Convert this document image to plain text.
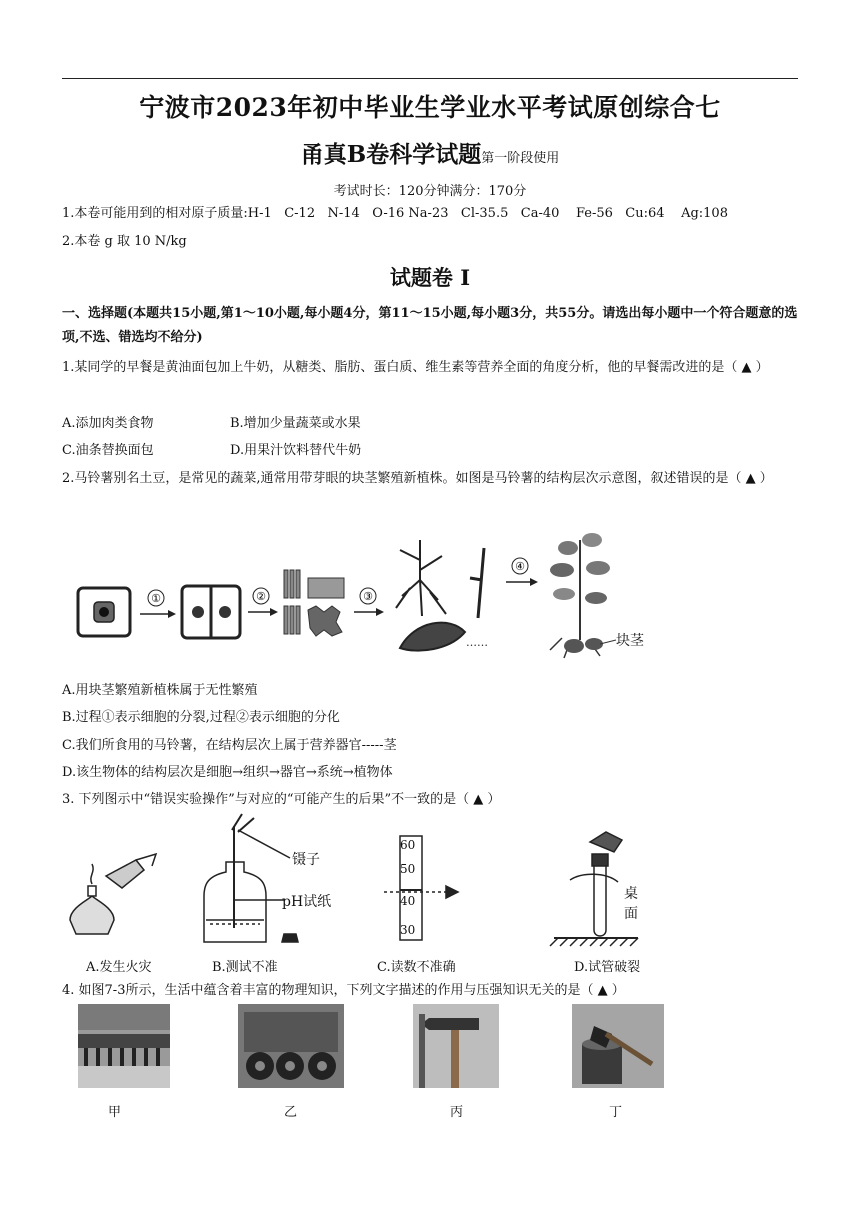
宁波市2023年初中毕业生学业水平考试原创综合七
甬真B卷科学试题第一阶段使用
考试时长：120分钟满分：170分
1.本卷可能用到的相对原子质量:H-1 C-12 N-14 O-16 Na-23 Cl-35.5 Ca-40 Fe-56 Cu:64 Ag:108
2.本卷 g 取 10 N/kg
试题卷 I
一、选择题(本题共15小题,第1～10小题,每小题4分，第11～15小题,每小题3分，共55分。请选出每小题中一个符合题意的选项,不选、错选均不给分)
1.某同学的早餐是黄油面包加上牛奶，从糖类、脂肪、蛋白质、维生素等营养全面的角度分析，他的早餐需改进的是（ ▲ ）
A.添加肉类食物	B.增加少量蔬菜或水果
C.油条替换面包	D.用果汁饮料替代牛奶
2.马铃薯别名土豆，是常见的蔬菜,通常用带芽眼的块茎繁殖新植株。如图是马铃薯的结构层次示意图，叙述错误的是（ ▲ ）
①	②	③
……
④
块茎
A.用块茎繁殖新植株属于无性繁殖
B.过程①表示细胞的分裂,过程②表示细胞的分化
C.我们所食用的马铃薯，在结构层次上属于营养器官-----茎
D.该生物体的结构层次是细胞→组织→器官→系统→植物体
3. 下列图示中“错误实验操作”与对应的“可能产生的后果”不一致的是（ ▲ ）
镊子
pH试纸
60
50
40
30
桌
面
A.发生火灾	B.测试不准	C.读数不准确	D.试管破裂
4. 如图7-3所示，生活中蕴含着丰富的物理知识，下列文字描述的作用与压强知识无关的是（ ▲ ）
甲	乙	丙	丁
